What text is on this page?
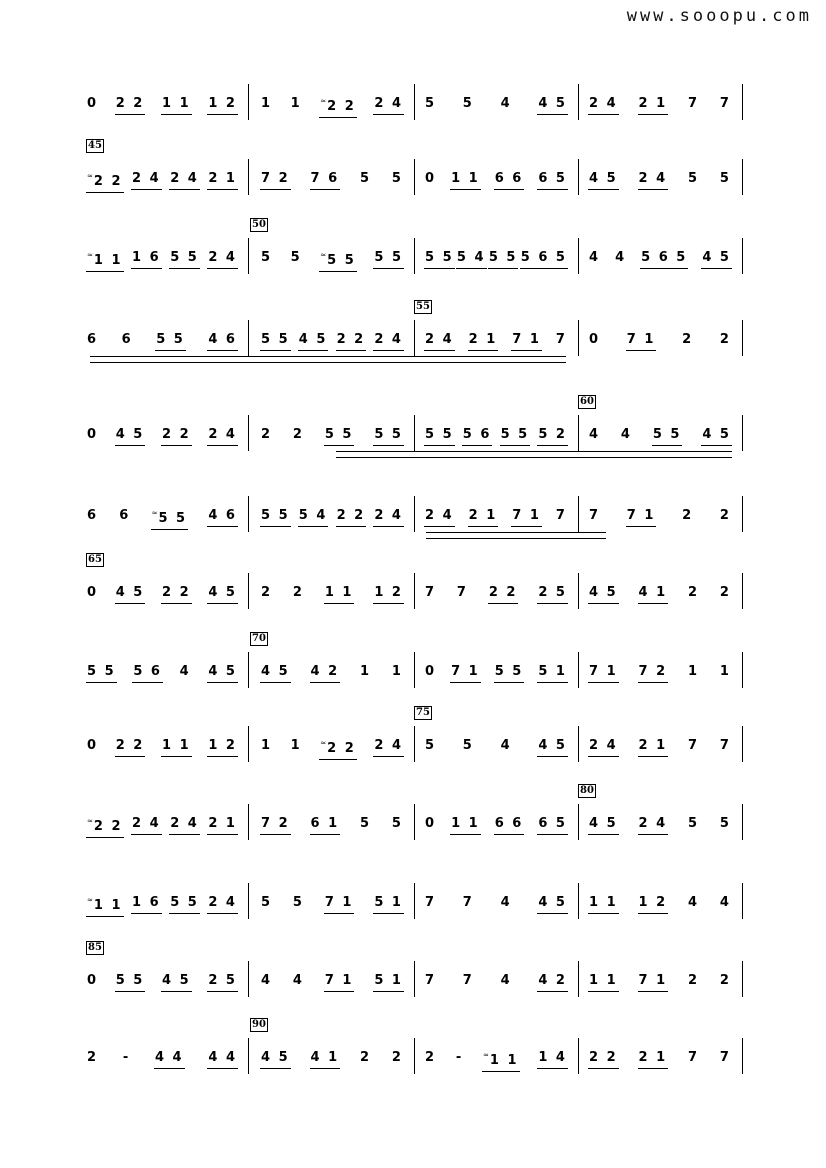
www.sooopu.com
0 2 2 1 1 1 2 1 1	≈2 2 2 4 5 5 4 4 5 2 4 2 1 7 7
45
≈2 2 2 4 2 4 2 1 7 2 7 6 5 5 0 1 1 6 6 6 5 4 5 2 4 5 5
50
≈1 1 1 6 5 5 2 4 5 5	≈5 5 5 5 5 5 5 4 5 5 5 6 5 4 4 5 6 5 4 5
55
6 6 5 5 4 6 5 5 4 5 2 2 2 4 2 4 2 1 7 1 7 0 7 1 2 2
60
0 4 5 2 2 2 4 2 2 5 5 5 5 5 5 5 6 5 5 5 2 4 4 5 5 4 5
6 6	≈5 5 4 6 5 5 5 4 2 2 2 4 2 4 2 1 7 1 7 7 7 1 2 2
65
0 4 5 2 2 4 5 2 2 1 1 1 2 7 7 2 2 2 5 4 5 4 1 2 2
70
5 5 5 6 4 4 5 4 5 4 2 1 1 0 7 1 5 5 5 1 7 1 7 2 1 1
75
0 2 2 1 1 1 2 1 1	≈2 2 2 4 5 5 4 4 5 2 4 2 1 7 7
80
≈2 2 2 4 2 4 2 1 7 2 6 1 5 5 0 1 1 6 6 6 5 4 5 2 4 5 5
≈1 1 1 6 5 5 2 4 5 5 7 1 5 1 7 7 4 4 5 1 1 1 2 4 4
85
0 5 5 4 5 2 5 4 4 7 1 5 1 7 7 4 4 2 1 1 7 1 2 2
90
2 - 4 4 4 4 4 5 4 1 2 2 2 -	≈1 1 1 4 2 2 2 1 7 7
